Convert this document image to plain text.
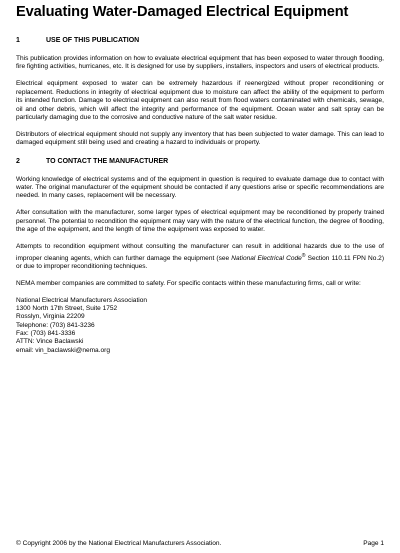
Evaluating Water-Damaged Electrical Equipment
1	USE OF THIS PUBLICATION

This publication provides information on how to evaluate electrical equipment that has been exposed to water through flooding, fire fighting activities, hurricanes, etc. It is designed for use by suppliers, installers, inspectors and users of electrical products.

Electrical equipment exposed to water can be extremely hazardous if reenergized without proper reconditioning or replacement. Reductions in integrity of electrical equipment due to moisture can affect the ability of the equipment to perform its intended function. Damage to electrical equipment can also result from flood waters contaminated with chemicals, sewage, oil and other debris, which will affect the integrity and performance of the equipment. Ocean water and salt spray can be particularly damaging due to the corrosive and conductive nature of the salt water residue.

Distributors of electrical equipment should not supply any inventory that has been subjected to water damage. This can lead to damaged equipment still being used and creating a hazard to individuals or property.

2	TO CONTACT THE MANUFACTURER

Working knowledge of electrical systems and of the equipment in question is required to evaluate damage due to contact with water. The original manufacturer of the equipment should be contacted if any questions arise or specific recommendations are needed. In many cases, replacement will be necessary.

After consultation with the manufacturer, some larger types of electrical equipment may be reconditioned by properly trained personnel. The potential to recondition the equipment may vary with the nature of the electrical function, the degree of flooding, the age of the equipment, and the length of time the equipment was exposed to water.

Attempts to recondition equipment without consulting the manufacturer can result in additional hazards due to the use of improper cleaning agents, which can further damage the equipment (see National Electrical Code® Section 110.11 FPN No.2) or due to improper reconditioning techniques.

NEMA member companies are committed to safety. For specific contacts within these manufacturing firms, call or write:

National Electrical Manufacturers Association
1300 North 17th Street, Suite 1752
Rosslyn, Virginia 22209
Telephone: (703) 841-3236
Fax: (703) 841-3336
ATTN: Vince Baclawski
email: vin_baclawski@nema.org
© Copyright 2006 by the National Electrical Manufacturers Association.	Page 1
